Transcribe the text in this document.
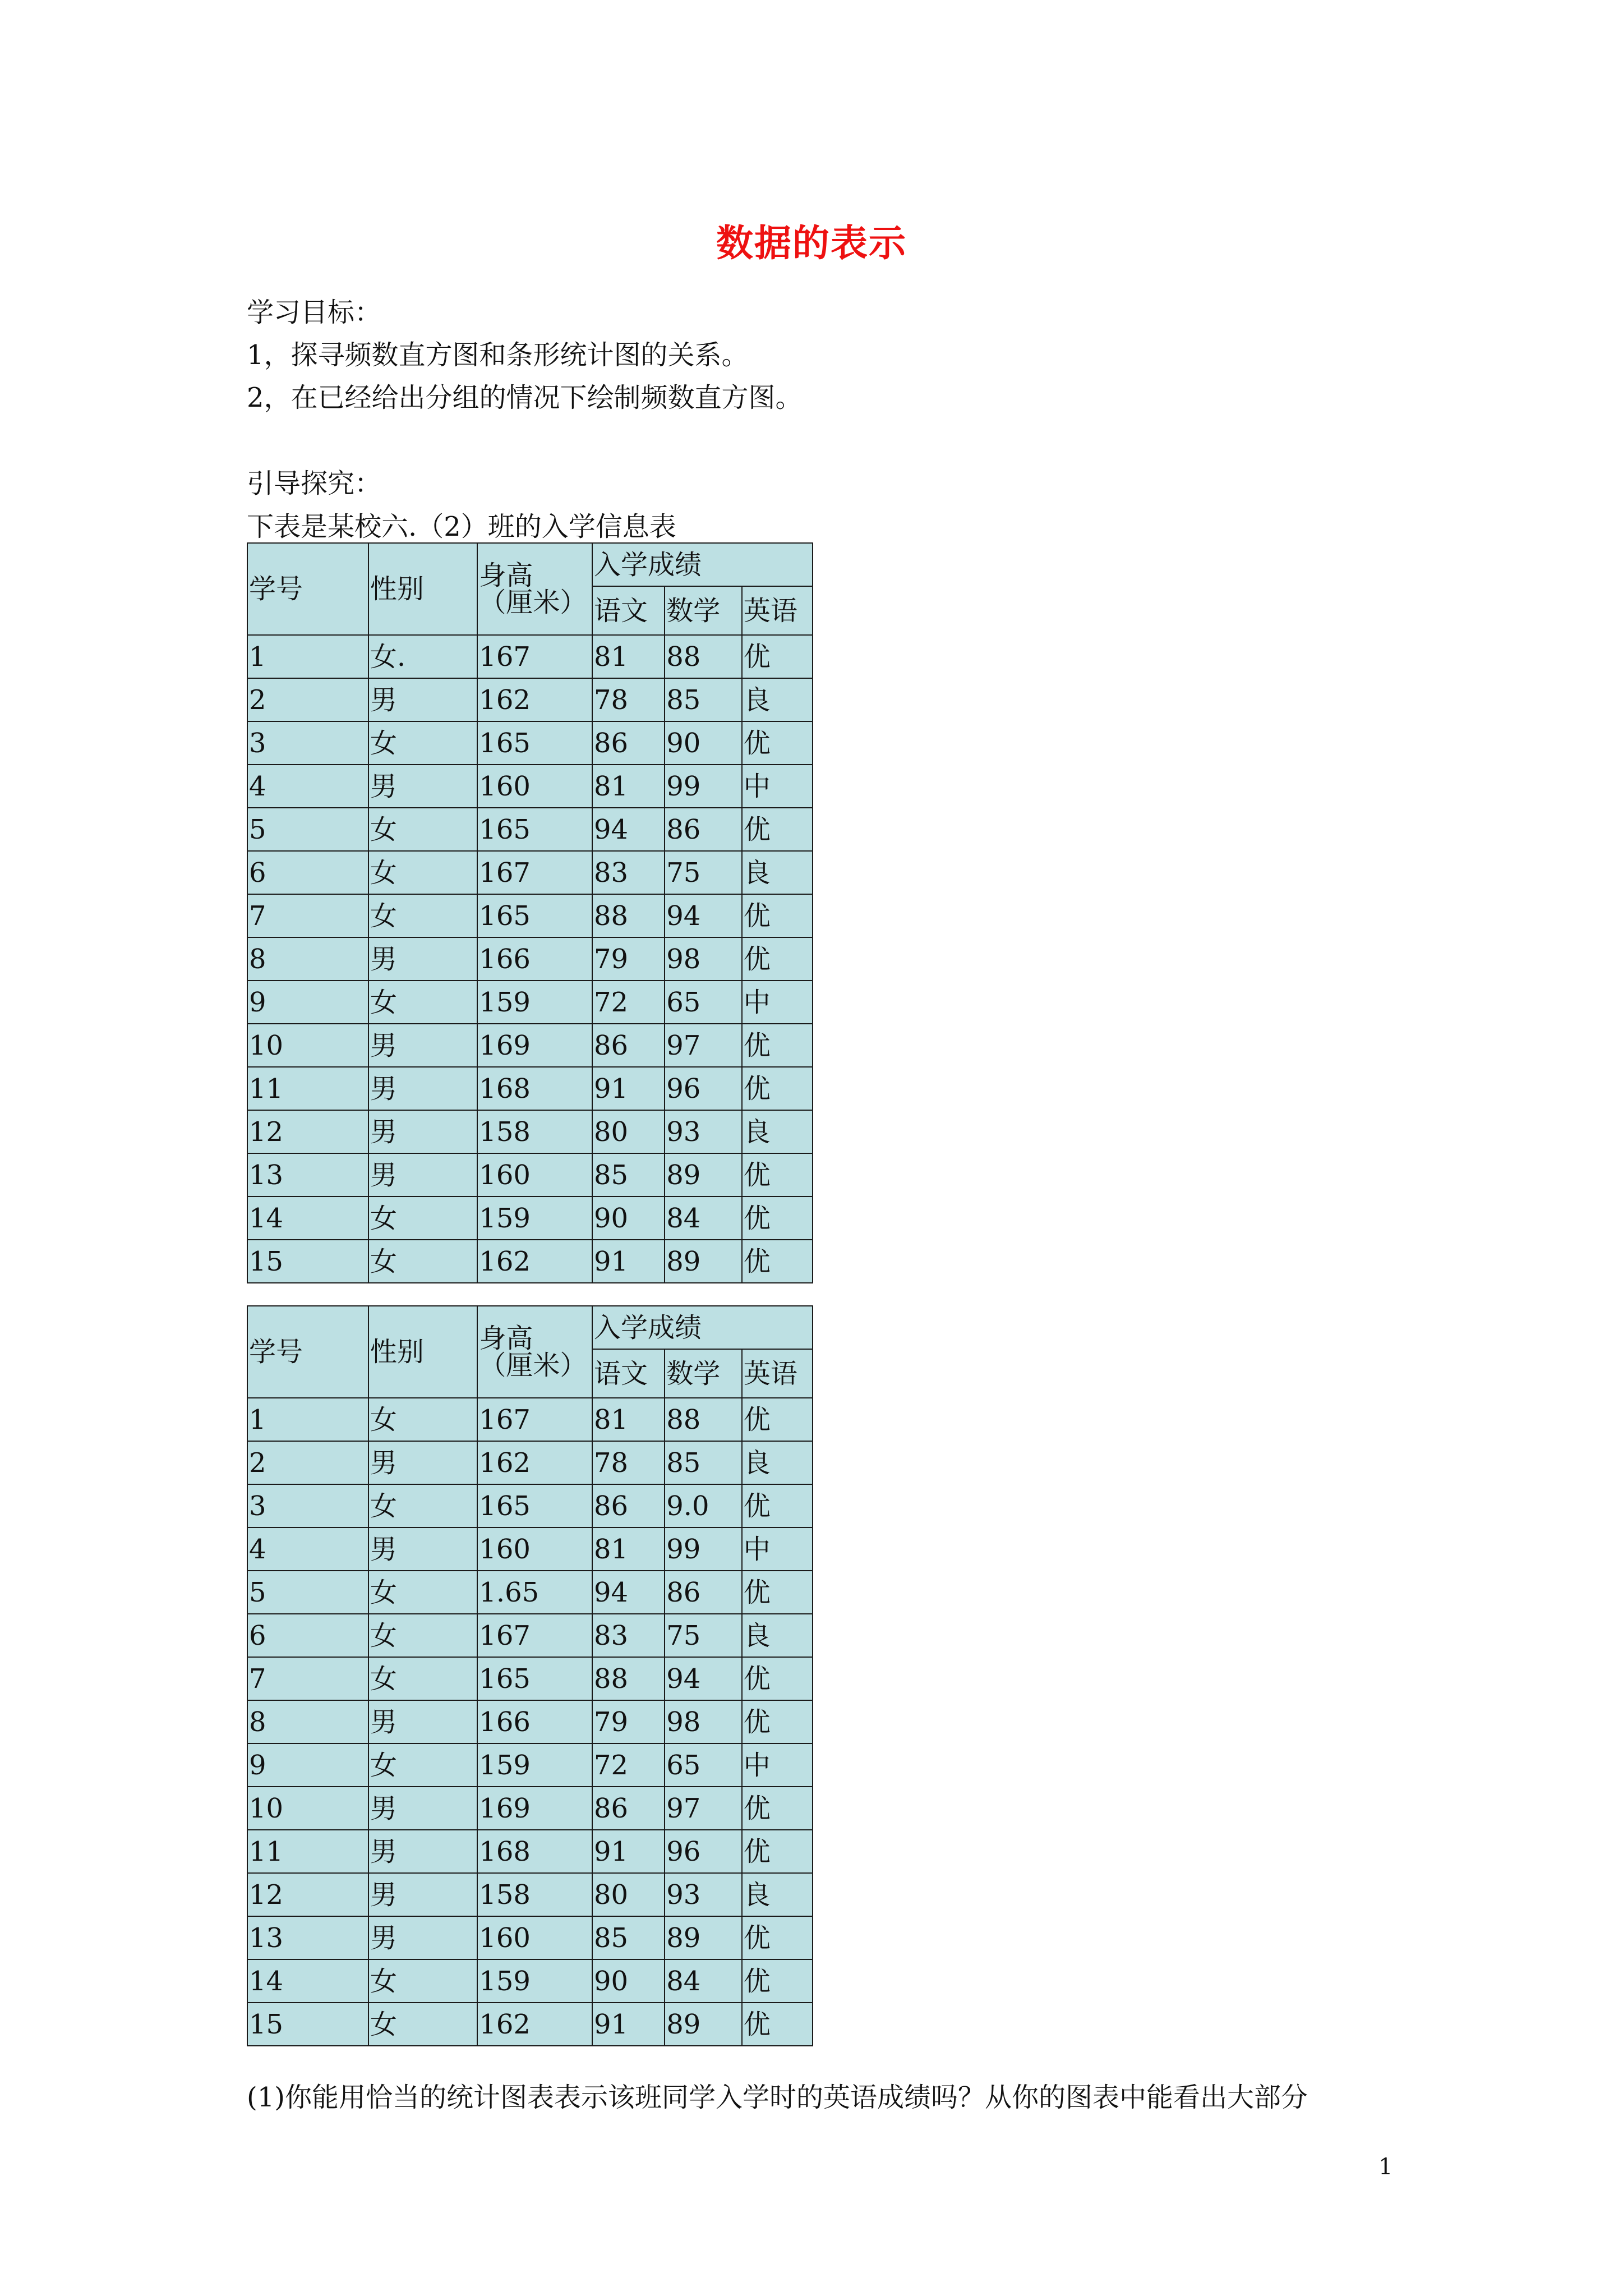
数据的表示
学习目标：
1，探寻频数直方图和条形统计图的关系。
2，在已经给出分组的情况下绘制频数直方图。
引导探究：
下表是某校六.（2）班的入学信息表
学号	性别	身高
（厘米）	入学成绩		
			语文	数学	英语
1	女.	167	81	88	优
2	男	162	78	85	良
3	女	165	86	90	优
4	男	160	81	99	中
5	女	165	94	86	优
6	女	167	83	75	良
7	女	165	88	94	优
8	男	166	79	98	优
9	女	159	72	65	中
10	男	169	86	97	优
11	男	168	91	96	优
12	男	158	80	93	良
13	男	160	85	89	优
14	女	159	90	84	优
15	女	162	91	89	优
学号	性别	身高
（厘米）	入学成绩		
			语文	数学	英语
1	女	167	81	88	优
2	男	162	78	85	良
3	女	165	86	9.0	优
4	男	160	81	99	中
5	女	1.65	94	86	优
6	女	167	83	75	良
7	女	165	88	94	优
8	男	166	79	98	优
9	女	159	72	65	中
10	男	169	86	97	优
11	男	168	91	96	优
12	男	158	80	93	良
13	男	160	85	89	优
14	女	159	90	84	优
15	女	162	91	89	优
(1)你能用恰当的统计图表表示该班同学入学时的英语成绩吗？从你的图表中能看出大部分
1
